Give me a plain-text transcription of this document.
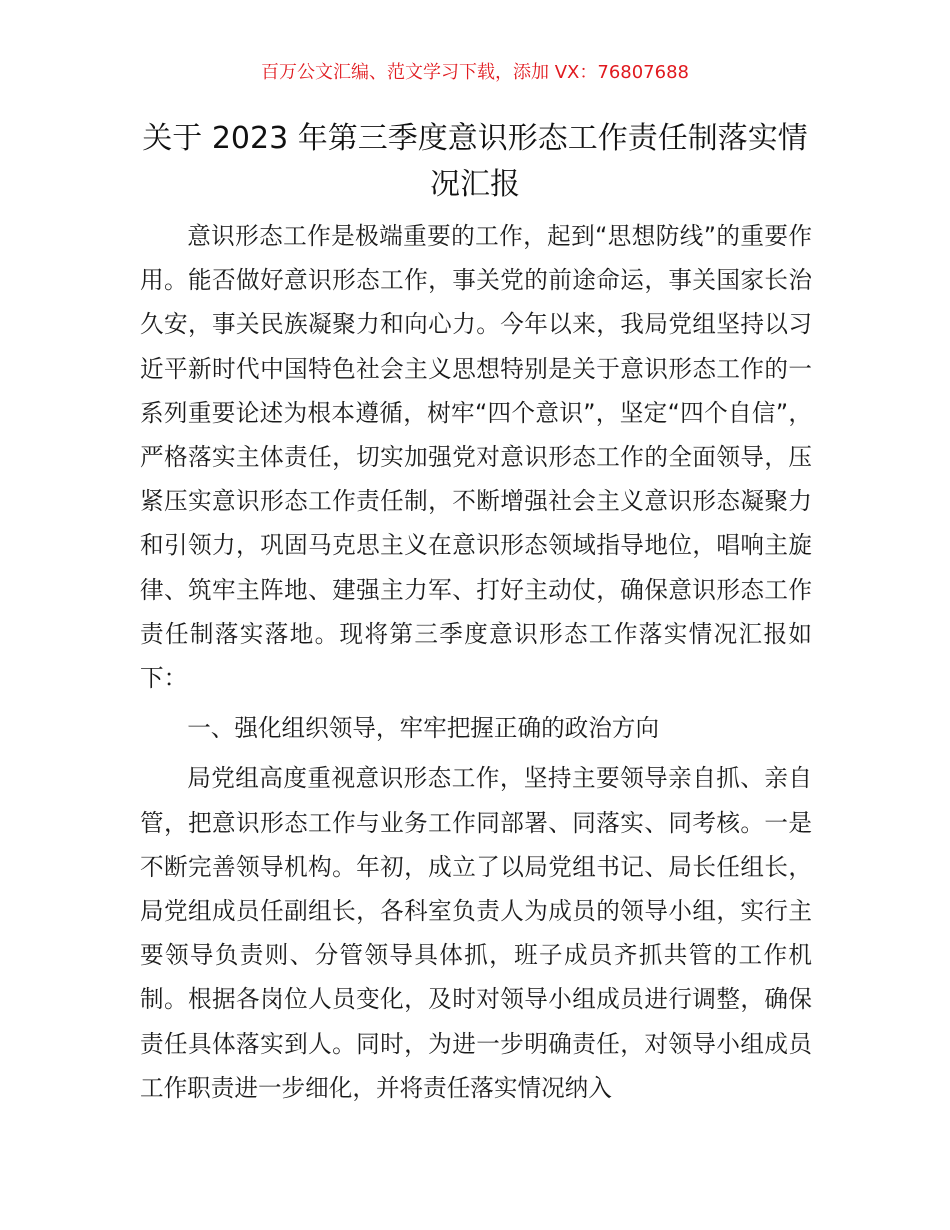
百万公文汇编、范文学习下载，添加 VX：76807688
关于 2023 年第三季度意识形态工作责任制落实情况汇报

意识形态工作是极端重要的工作，起到“思想防线”的重要作用。能否做好意识形态工作，事关党的前途命运，事关国家长治久安，事关民族凝聚力和向心力。今年以来，我局党组坚持以习近平新时代中国特色社会主义思想特别是关于意识形态工作的一系列重要论述为根本遵循，树牢“四个意识”，坚定“四个自信”，严格落实主体责任，切实加强党对意识形态工作的全面领导，压紧压实意识形态工作责任制，不断增强社会主义意识形态凝聚力和引领力，巩固马克思主义在意识形态领域指导地位，唱响主旋律、筑牢主阵地、建强主力军、打好主动仗，确保意识形态工作责任制落实落地。现将第三季度意识形态工作落实情况汇报如下：

一、强化组织领导，牢牢把握正确的政治方向

局党组高度重视意识形态工作，坚持主要领导亲自抓、亲自管，把意识形态工作与业务工作同部署、同落实、同考核。一是不断完善领导机构。年初，成立了以局党组书记、局长任组长，局党组成员任副组长，各科室负责人为成员的领导小组，实行主要领导负责则、分管领导具体抓，班子成员齐抓共管的工作机制。根据各岗位人员变化，及时对领导小组成员进行调整，确保责任具体落实到人。同时，为进一步明确责任，对领导小组成员工作职责进一步细化，并将责任落实情况纳入
